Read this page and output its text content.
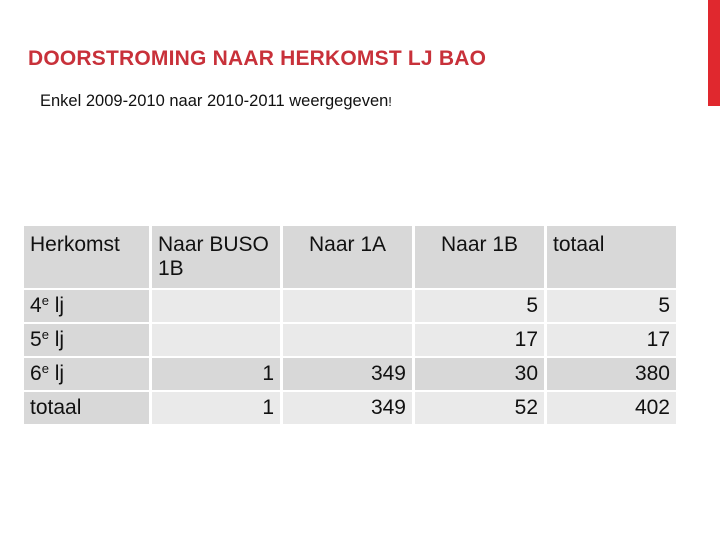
DOORSTROMING NAAR HERKOMST LJ BAO
Enkel 2009-2010 naar 2010-2011 weergegeven!
Herkomst	Naar BUSO 1B	Naar 1A	Naar 1B	totaal
4e lj			5	5
5e lj			17	17
6e lj	1	349	30	380
totaal	1	349	52	402
